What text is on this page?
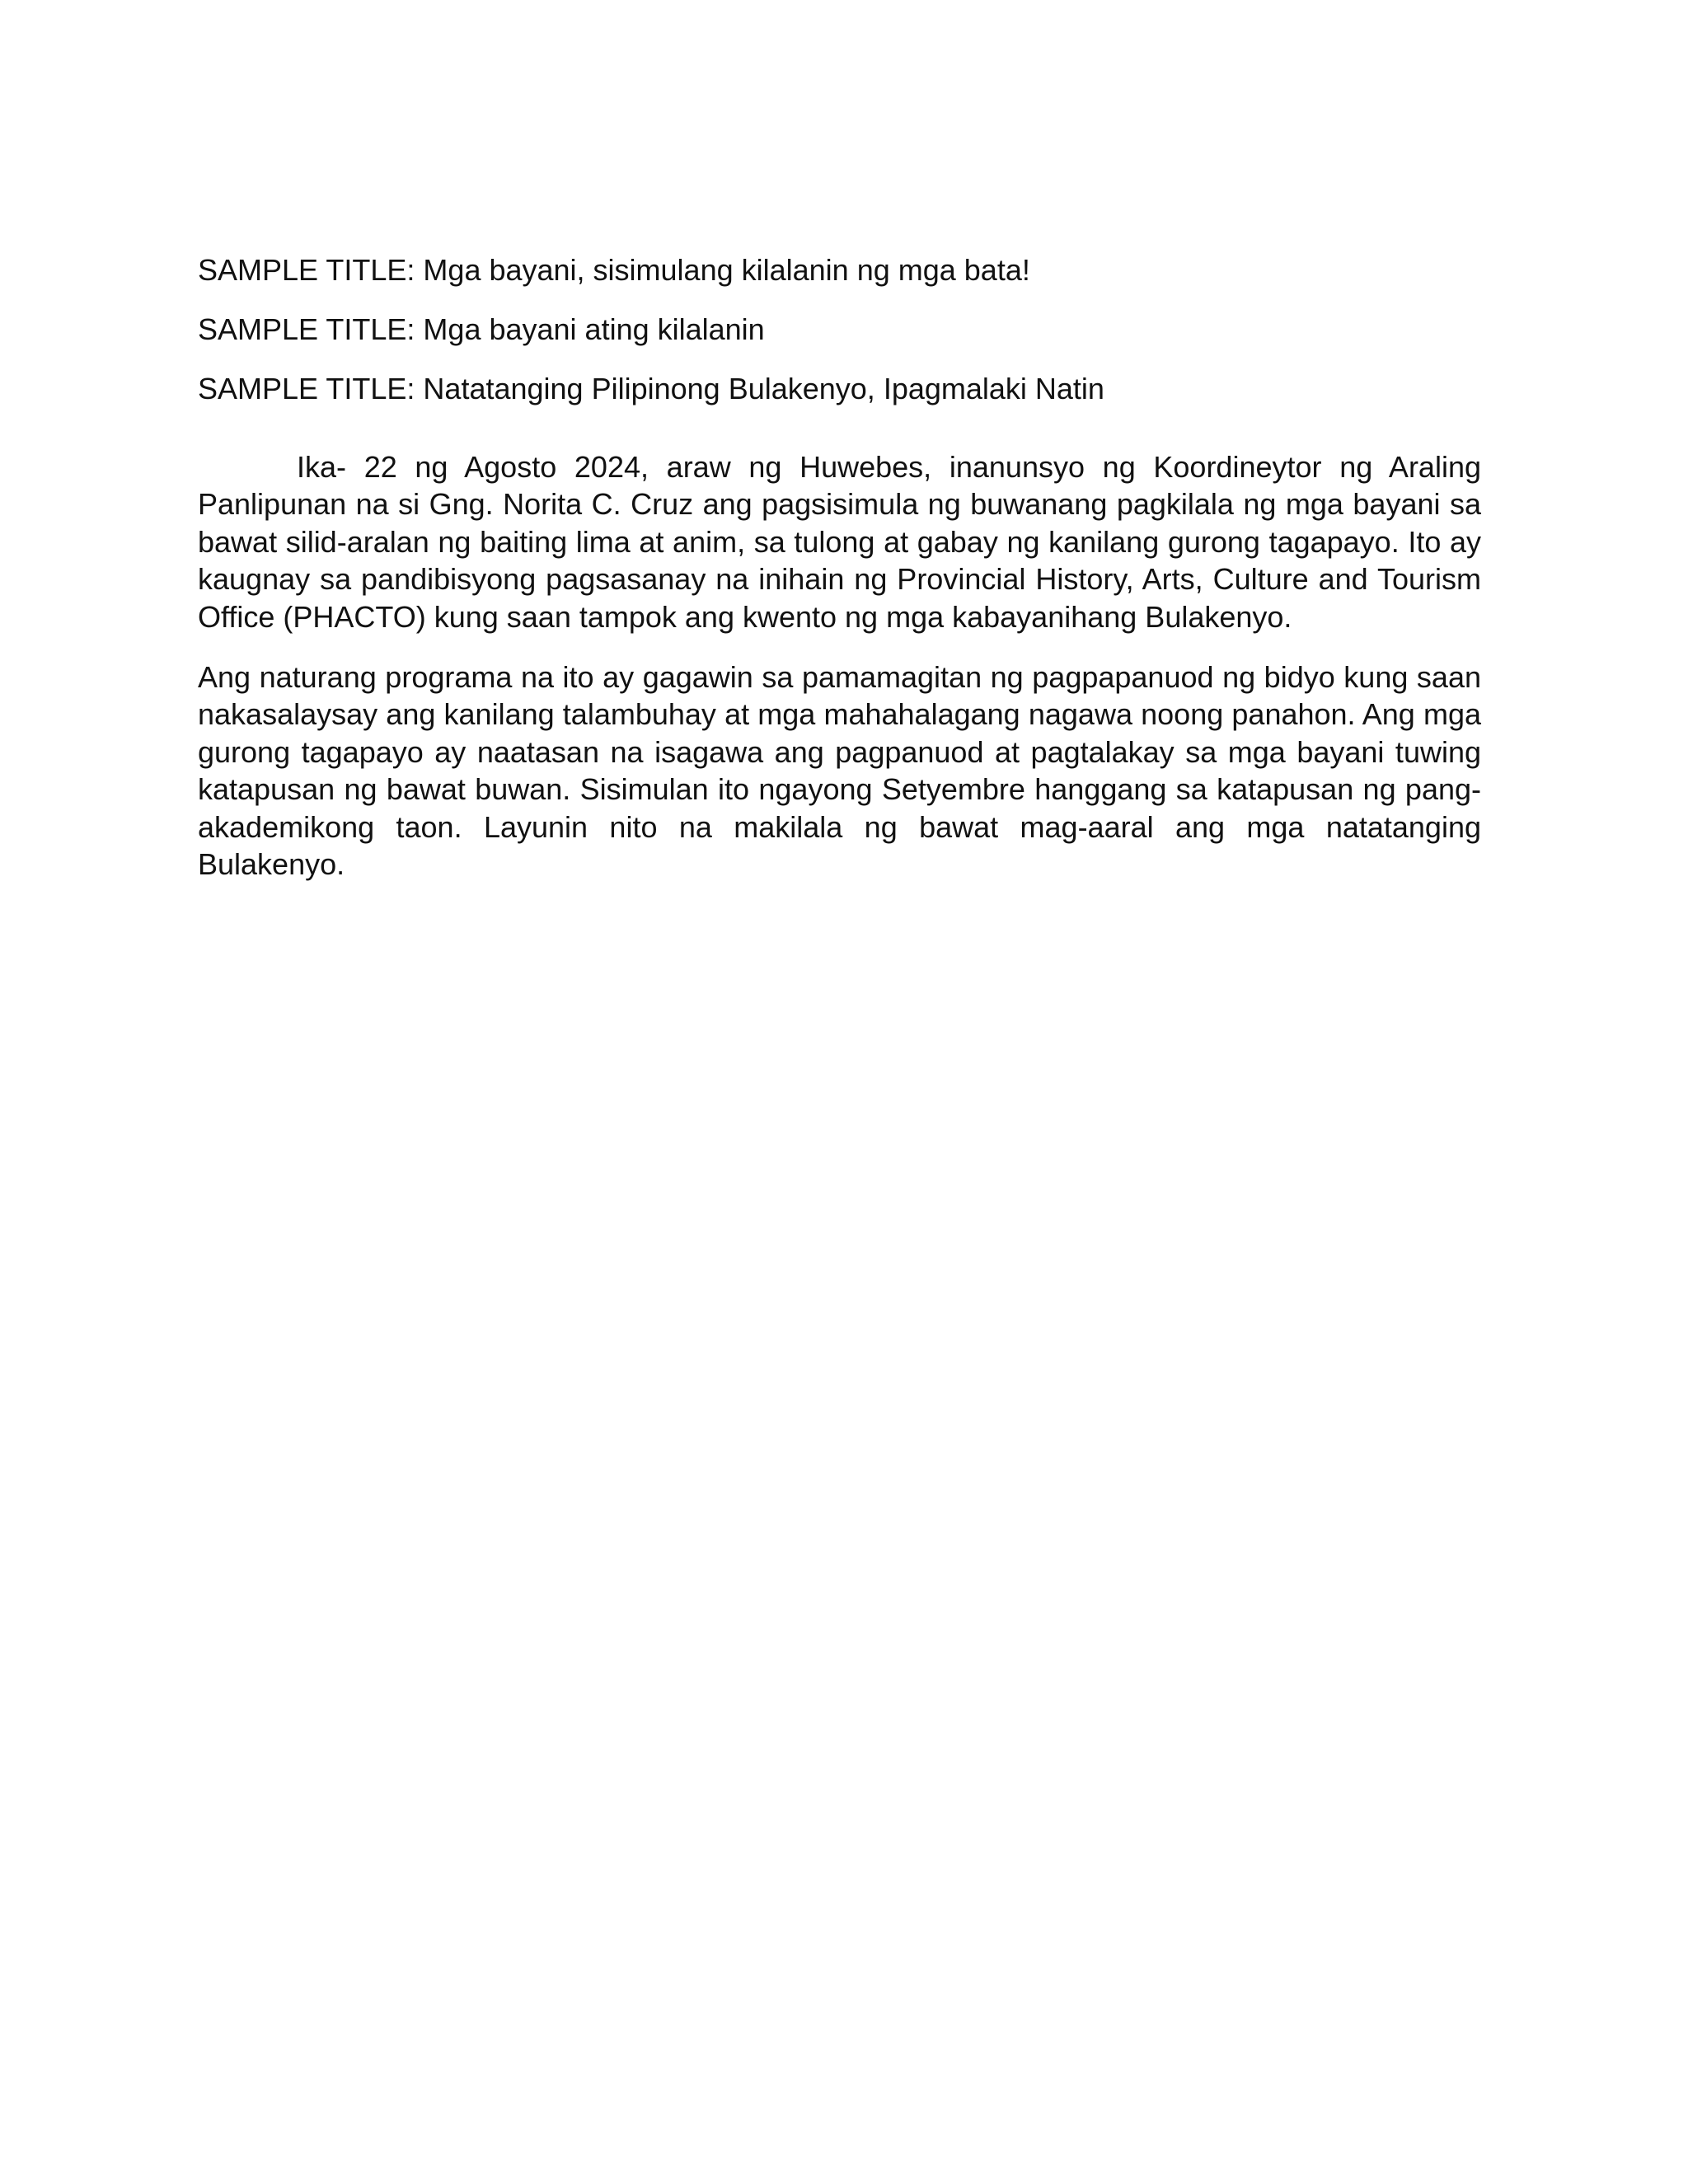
SAMPLE TITLE: Mga bayani, sisimulang kilalanin ng mga bata!

SAMPLE TITLE: Mga bayani ating kilalanin

SAMPLE TITLE: Natatanging Pilipinong Bulakenyo, Ipagmalaki Natin

Ika- 22 ng Agosto 2024, araw ng Huwebes, inanunsyo ng Koordineytor ng Araling Panlipunan na si Gng. Norita C. Cruz ang pagsisimula ng buwanang pagkilala ng mga bayani sa bawat silid-aralan ng baiting lima at anim, sa tulong at gabay ng kanilang gurong tagapayo. Ito ay kaugnay sa pandibisyong pagsasanay na inihain ng Provincial History, Arts, Culture and Tourism Office (PHACTO) kung saan tampok ang kwento ng mga kabayanihang Bulakenyo.

Ang naturang programa na ito ay gagawin sa pamamagitan ng pagpapanuod ng bidyo kung saan nakasalaysay ang kanilang talambuhay at mga mahahalagang nagawa noong panahon. Ang mga gurong tagapayo ay naatasan na isagawa ang pagpanuod at pagtalakay sa mga bayani tuwing katapusan ng bawat buwan. Sisimulan ito ngayong Setyembre hanggang sa katapusan ng pang-akademikong taon. Layunin nito na makilala ng bawat mag-aaral ang mga natatanging Bulakenyo.
